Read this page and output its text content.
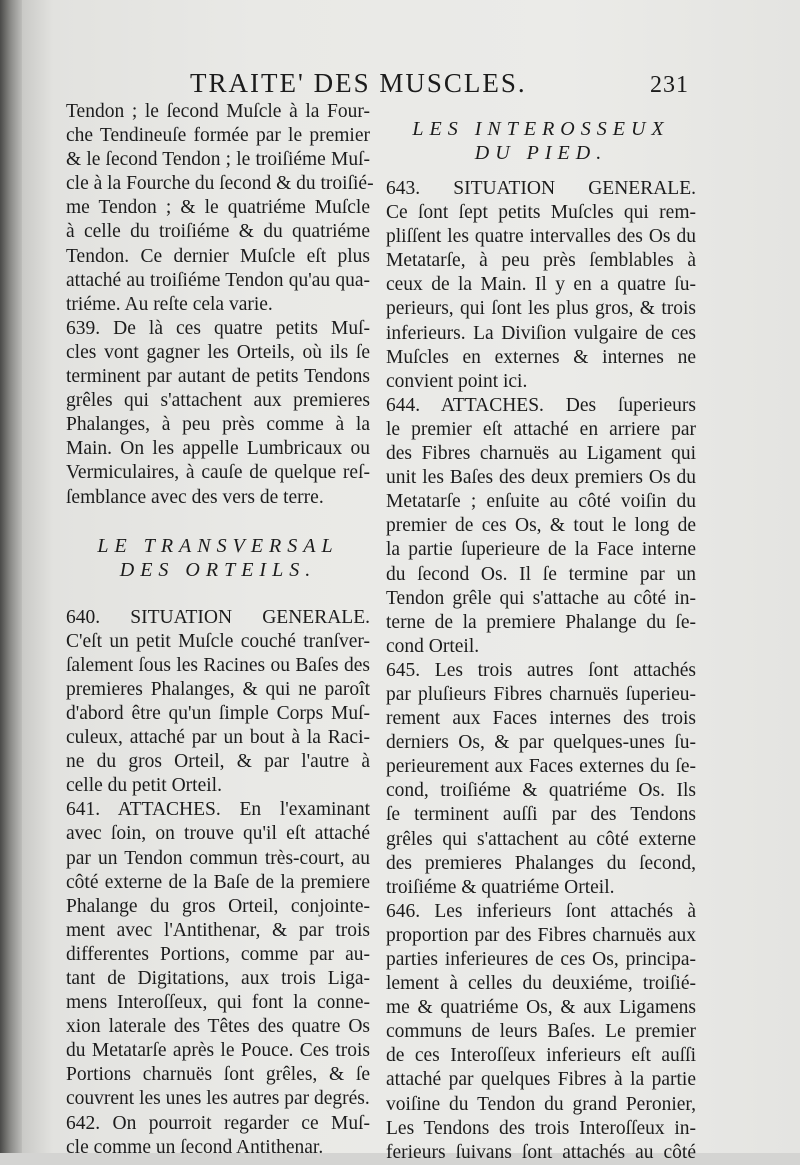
TRAITE' DES MUSCLES.	231
Tendon ; le ſecond Muſcle à la Four-
che Tendineuſe formée par le premier
& le ſecond Tendon ; le troiſiéme Muſ-
cle à la Fourche du ſecond & du troiſié-
me Tendon ; & le quatriéme Muſcle
à celle du troiſiéme & du quatriéme
Tendon. Ce dernier Muſcle eſt plus
attaché au troiſiéme Tendon qu'au qua-
triéme. Au reſte cela varie.
639. De là ces quatre petits Muſ-
cles vont gagner les Orteils, où ils ſe
terminent par autant de petits Tendons
grêles qui s'attachent aux premieres
Phalanges, à peu près comme à la
Main. On les appelle Lumbricaux ou
Vermiculaires, à cauſe de quelque reſ-
ſemblance avec des vers de terre.
LE TRANSVERSAL
DES ORTEILS.
640. SITUATION GENERALE.
C'eſt un petit Muſcle couché tranſver-
ſalement ſous les Racines ou Baſes des
premieres Phalanges, & qui ne paroît
d'abord être qu'un ſimple Corps Muſ-
culeux, attaché par un bout à la Raci-
ne du gros Orteil, & par l'autre à
celle du petit Orteil.
641. ATTACHES. En l'examinant
avec ſoin, on trouve qu'il eſt attaché
par un Tendon commun très-court, au
côté externe de la Baſe de la premiere
Phalange du gros Orteil, conjointe-
ment avec l'Antithenar, & par trois
differentes Portions, comme par au-
tant de Digitations, aux trois Liga-
mens Interoſſeux, qui font la conne-
xion laterale des Têtes des quatre Os
du Metatarſe après le Pouce. Ces trois
Portions charnuës ſont grêles, & ſe
couvrent les unes les autres par degrés.
642. On pourroit regarder ce Muſ-
cle comme un ſecond Antithenar.
LES INTEROSSEUX
DU PIED.
643. SITUATION GENERALE.
Ce ſont ſept petits Muſcles qui rem-
pliſſent les quatre intervalles des Os du
Metatarſe, à peu près ſemblables à
ceux de la Main. Il y en a quatre ſu-
perieurs, qui ſont les plus gros, & trois
inferieurs. La Diviſion vulgaire de ces
Muſcles en externes & internes ne
convient point ici.
644. ATTACHES. Des ſuperieurs
le premier eſt attaché en arriere par
des Fibres charnuës au Ligament qui
unit les Baſes des deux premiers Os du
Metatarſe ; enſuite au côté voiſin du
premier de ces Os, & tout le long de
la partie ſuperieure de la Face interne
du ſecond Os. Il ſe termine par un
Tendon grêle qui s'attache au côté in-
terne de la premiere Phalange du ſe-
cond Orteil.
645. Les trois autres ſont attachés
par pluſieurs Fibres charnuës ſuperieu-
rement aux Faces internes des trois
derniers Os, & par quelques-unes ſu-
perieurement aux Faces externes du ſe-
cond, troiſiéme & quatriéme Os. Ils
ſe terminent auſſi par des Tendons
grêles qui s'attachent au côté externe
des premieres Phalanges du ſecond,
troiſiéme & quatriéme Orteil.
646. Les inferieurs ſont attachés à
proportion par des Fibres charnuës aux
parties inferieures de ces Os, principa-
lement à celles du deuxiéme, troiſié-
me & quatriéme Os, & aux Ligamens
communs de leurs Baſes. Le premier
de ces Interoſſeux inferieurs eſt auſſi
attaché par quelques Fibres à la partie
voiſine du Tendon du grand Peronier,
Les Tendons des trois Interoſſeux in-
ferieurs ſuivans ſont attachés au côté
